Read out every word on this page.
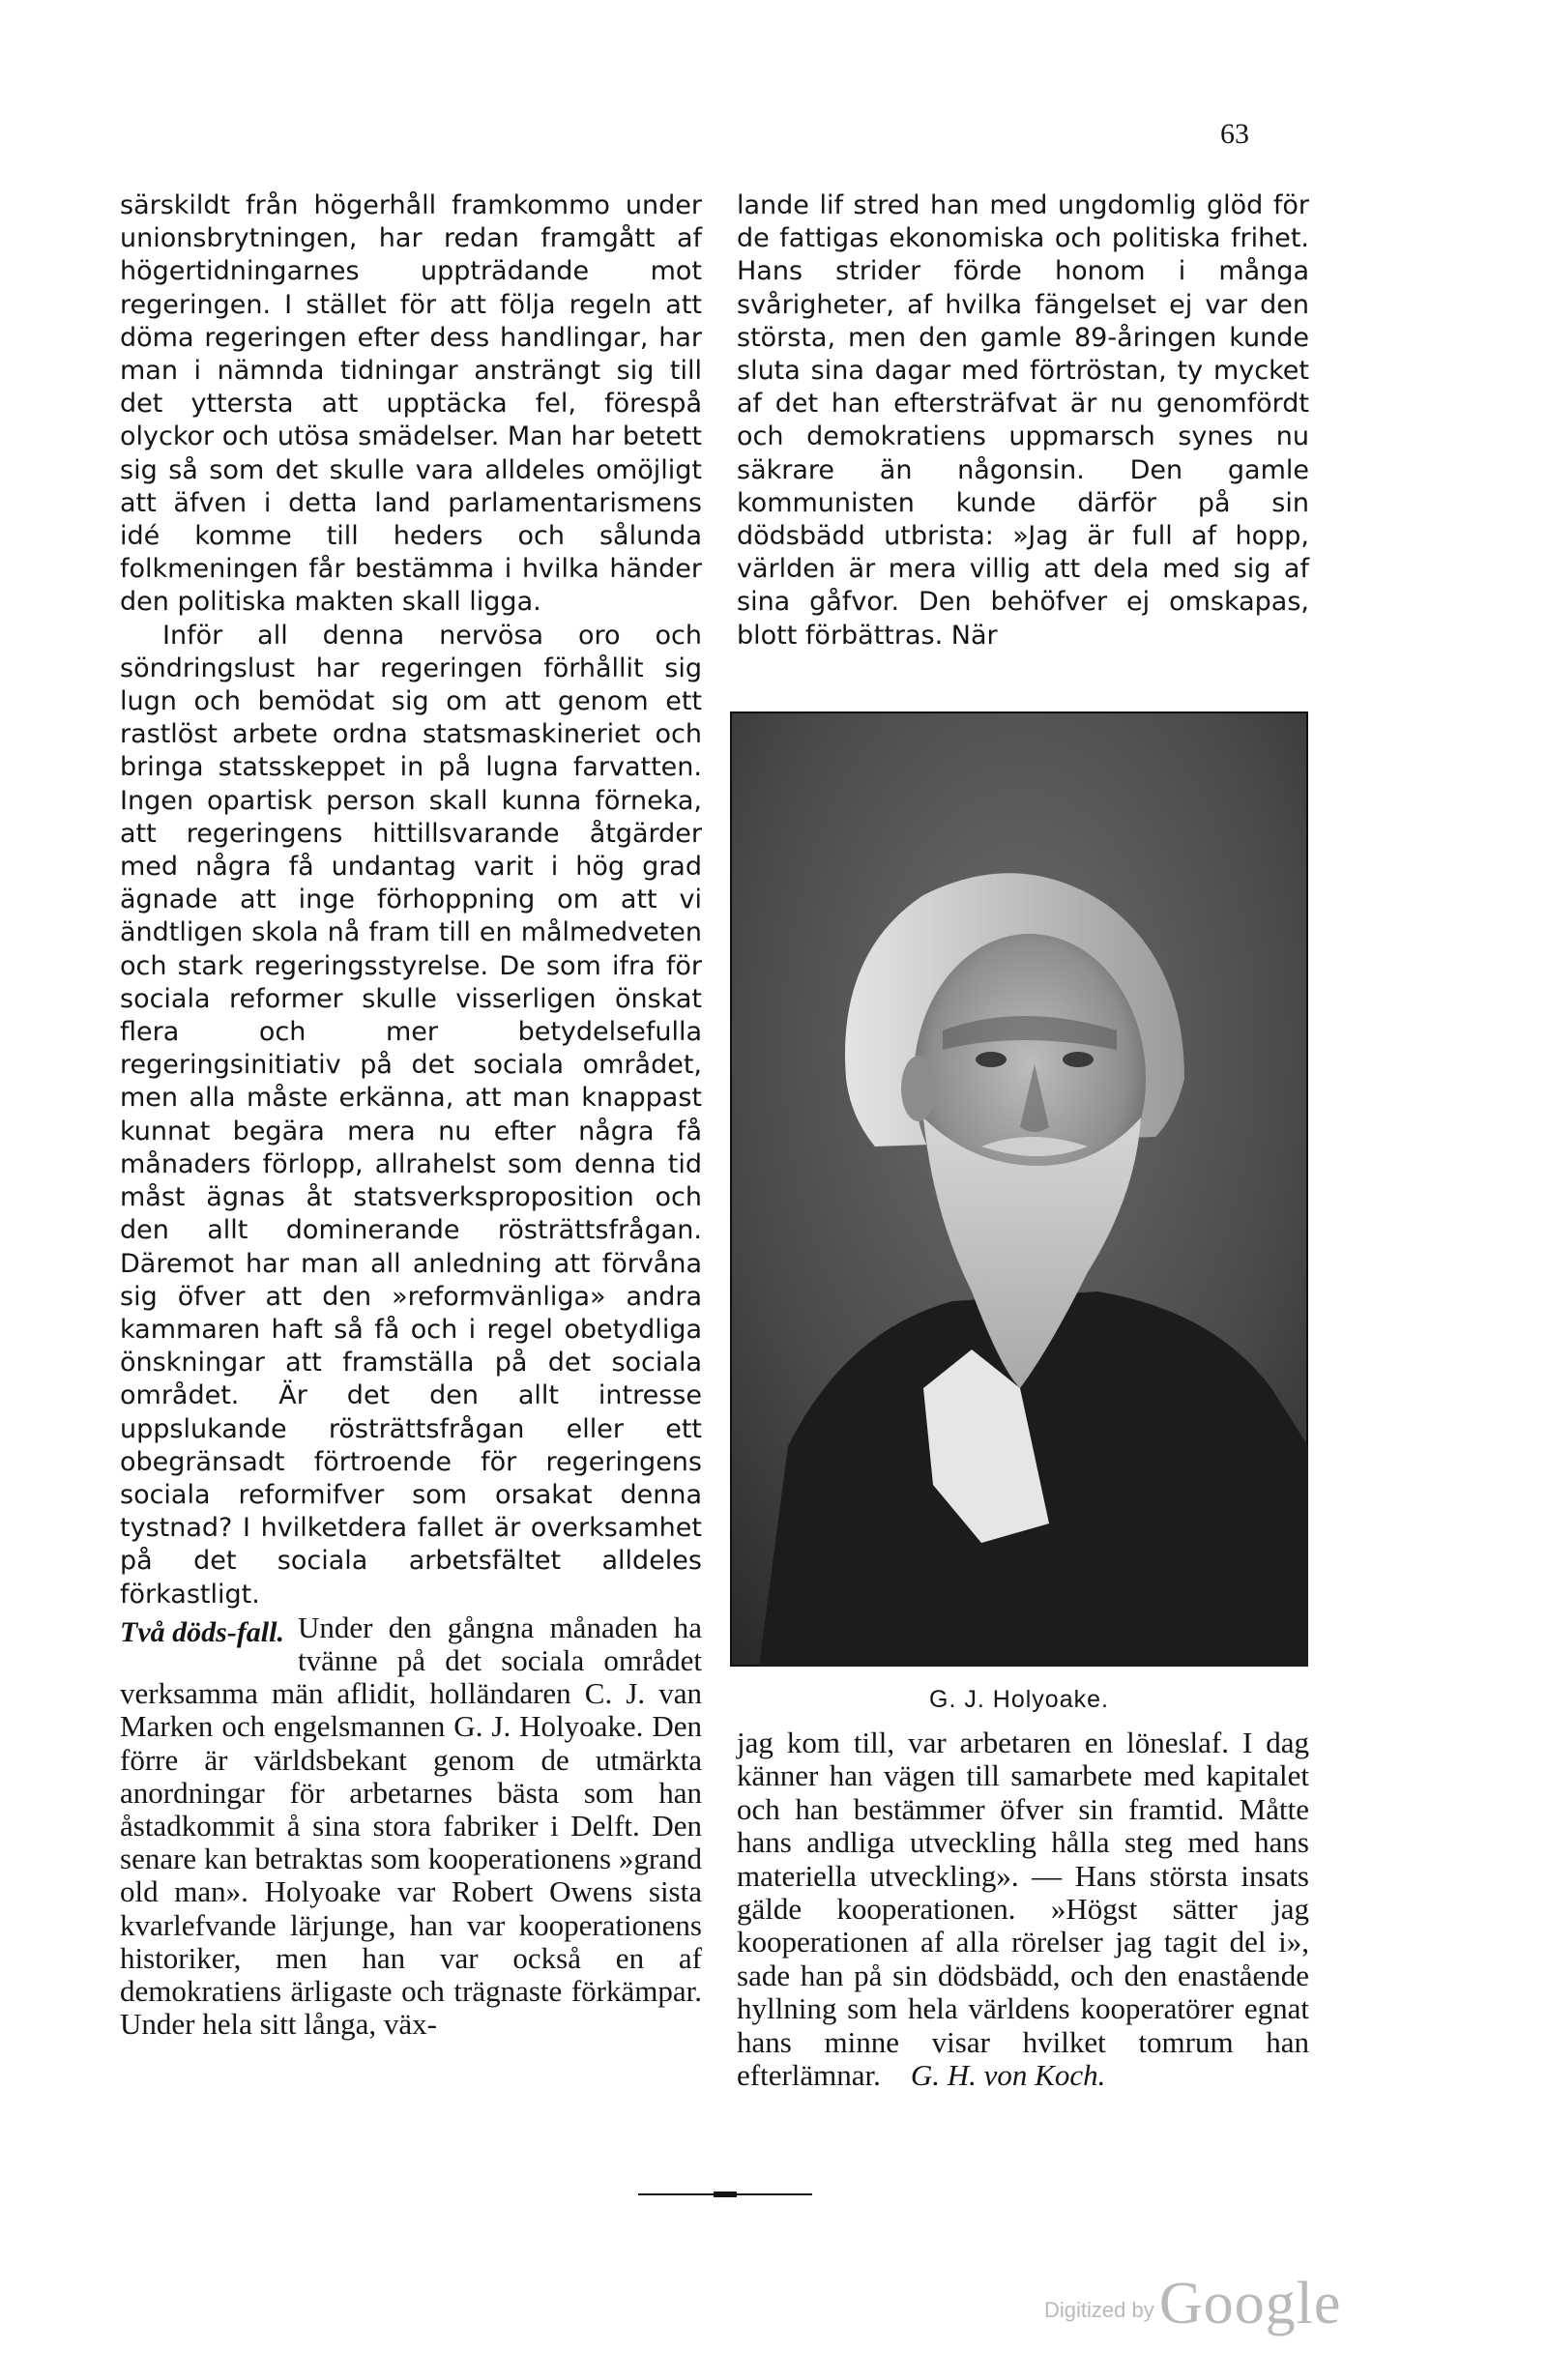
63

särskildt från högerhåll framkommo under unionsbrytningen, har redan framgått af högertidningarnes uppträdande mot regeringen. I stället för att följa regeln att döma regeringen efter dess handlingar, har man i nämnda tidningar ansträngt sig till det yttersta att upptäcka fel, förespå olyckor och utösa smädelser. Man har betett sig så som det skulle vara alldeles omöjligt att äfven i detta land parlamentarismens idé komme till heders och sålunda folkmeningen får bestämma i hvilka händer den politiska makten skall ligga.

Inför all denna nervösa oro och söndringslust har regeringen förhållit sig lugn och bemödat sig om att genom ett rastlöst arbete ordna statsmaskineriet och bringa statsskeppet in på lugna farvatten. Ingen opartisk person skall kunna förneka, att regeringens hittillsvarande åtgärder med några få undantag varit i hög grad ägnade att inge förhoppning om att vi ändtligen skola nå fram till en målmedveten och stark regeringsstyrelse. De som ifra för sociala reformer skulle visserligen önskat flera och mer betydelsefulla regeringsinitiativ på det sociala området, men alla måste erkänna, att man knappast kunnat begära mera nu efter några få månaders förlopp, allrahelst som denna tid måst ägnas åt statsverksproposition och den allt dominerande rösträttsfrågan. Däremot har man all anledning att förvåna sig öfver att den »reformvänliga» andra kammaren haft så få och i regel obetydliga önskningar att framställa på det sociala området. Är det den allt intresse uppslukande rösträttsfrågan eller ett obegränsadt förtroende för regeringens sociala reformifver som orsakat denna tystnad? I hvilketdera fallet är overksamhet på det sociala arbetsfältet alldeles förkastligt.

Två döds-fall. Under den gångna månaden ha tvänne på det sociala området verksamma män aflidit, holländaren C. J. van Marken och engelsmannen G. J. Holyoake. Den förre är världsbekant genom de utmärkta anordningar för arbetarnes bästa som han åstadkommit å sina stora fabriker i Delft. Den senare kan betraktas som kooperationens »grand old man». Holyoake var Robert Owens sista kvarlefvande lärjunge, han var kooperationens historiker, men han var också en af demokratiens ärligaste och trägnaste förkämpar. Under hela sitt långa, väx-

lande lif stred han med ungdomlig glöd för de fattigas ekonomiska och politiska frihet. Hans strider förde honom i många svårigheter, af hvilka fängelset ej var den största, men den gamle 89-åringen kunde sluta sina dagar med förtröstan, ty mycket af det han eftersträfvat är nu genomfördt och demokratiens uppmarsch synes nu säkrare än någonsin. Den gamle kommunisten kunde därför på sin dödsbädd utbrista: »Jag är full af hopp, världen är mera villig att dela med sig af sina gåfvor. Den behöfver ej omskapas, blott förbättras. När

G. J. Holyoake.

jag kom till, var arbetaren en löneslaf. I dag känner han vägen till samarbete med kapitalet och han bestämmer öfver sin framtid. Måtte hans andliga utveckling hålla steg med hans materiella utveckling». — Hans största insats gälde kooperationen. »Högst sätter jag kooperationen af alla rörelser jag tagit del i», sade han på sin dödsbädd, och den enastående hyllning som hela världens kooperatörer egnat hans minne visar hvilket tomrum han efterlämnar. G. H. von Koch.

Digitized by Google
